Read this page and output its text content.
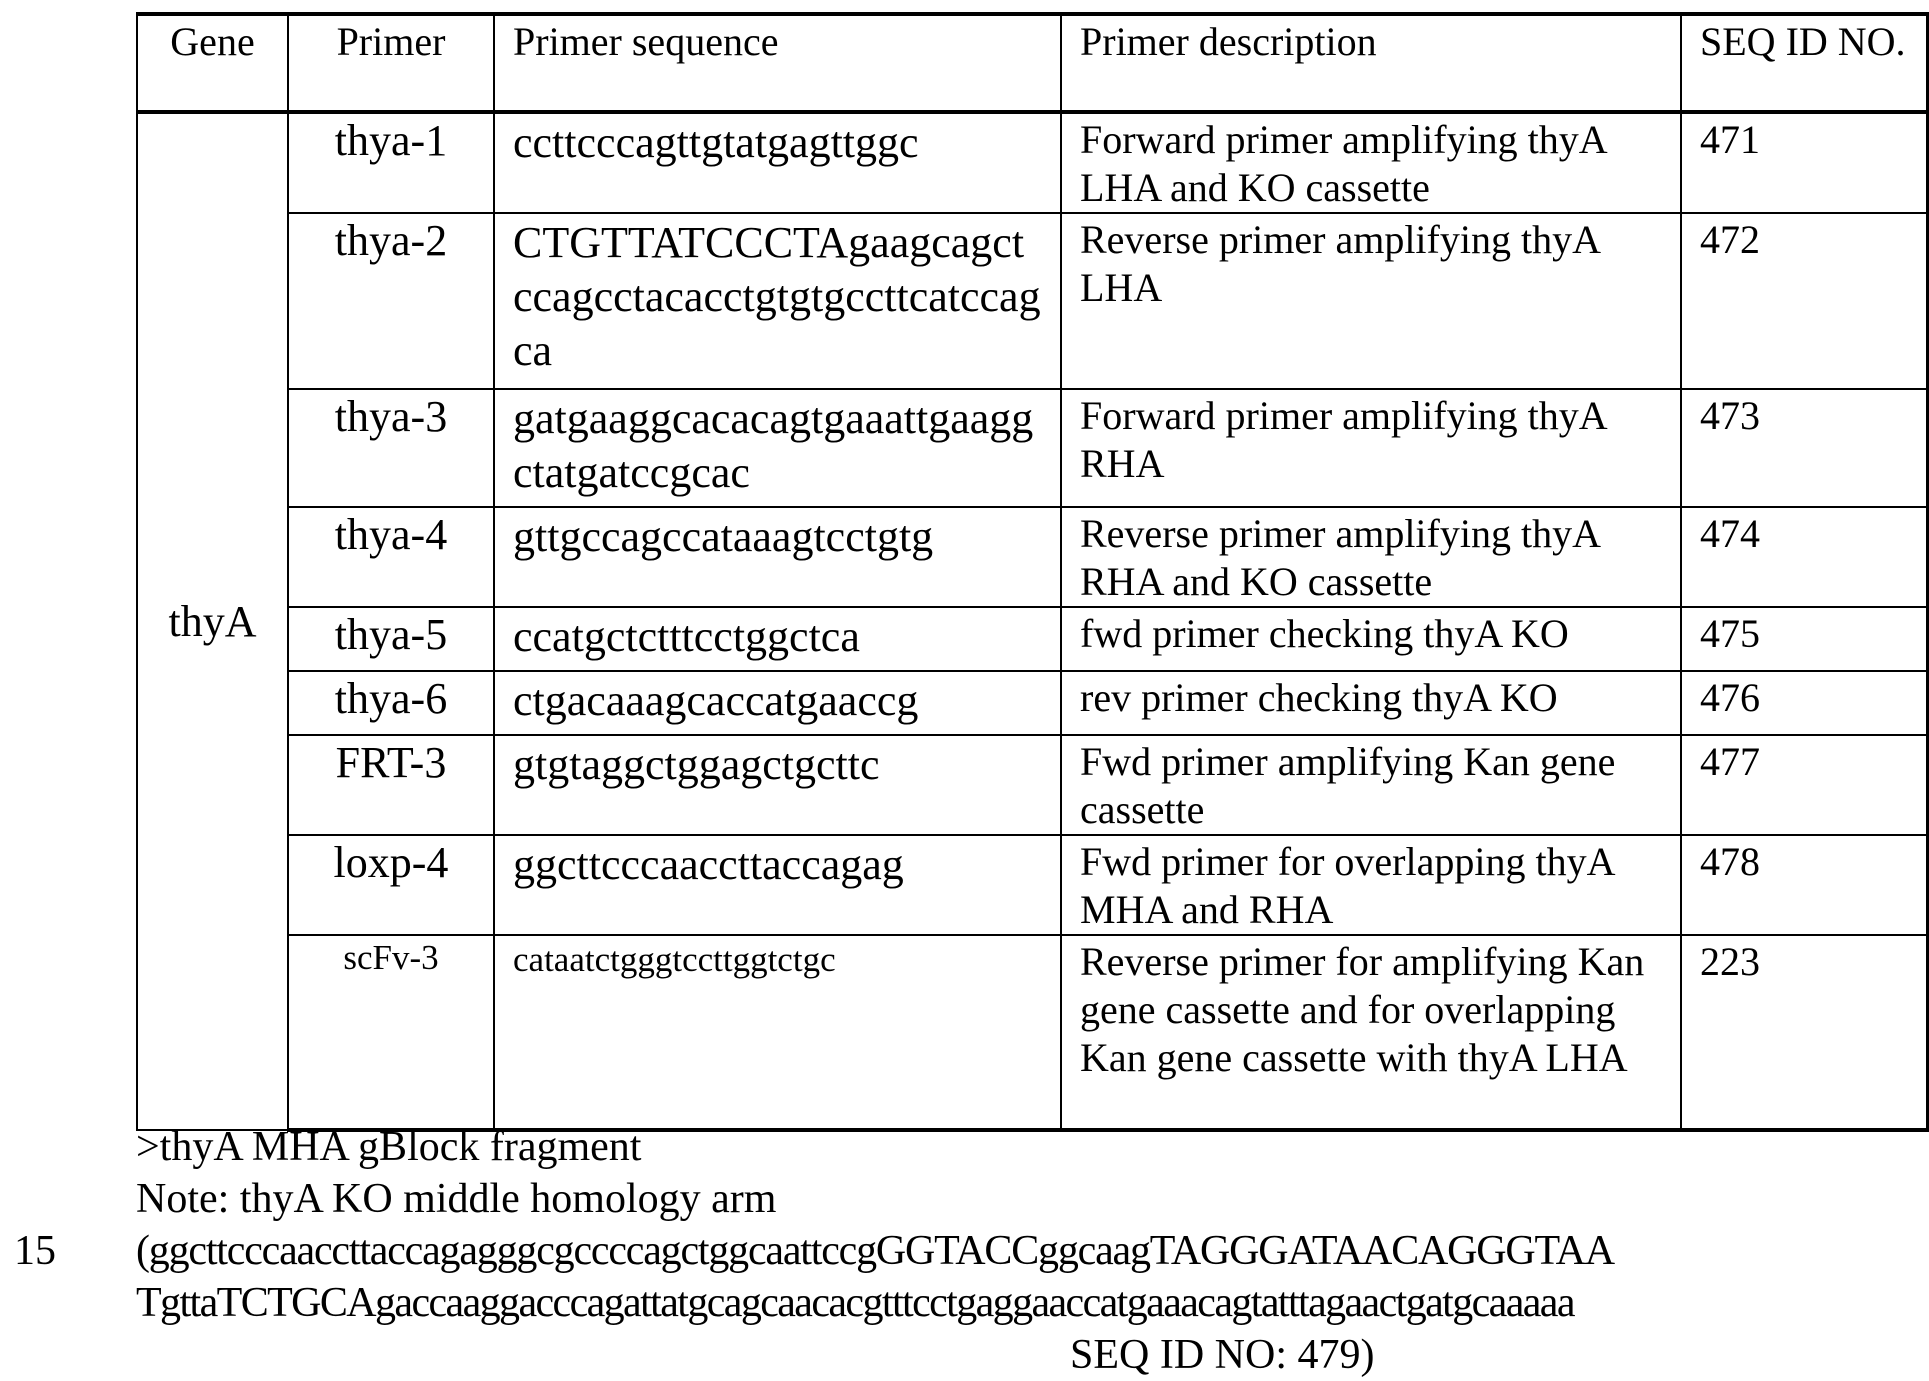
Gene	Primer	Primer sequence	Primer description	SEQ ID NO.
thyA	thya-1	ccttcccagttgtatgagttggc	Forward primer amplifying thyA LHA and KO cassette	471
thya-2	CTGTTATCCCTAgaagcagctccagcctacacctgtgtgccttcatccagca	Reverse primer amplifying thyA LHA	472
thya-3	gatgaaggcacacagtgaaattgaaggctatgatccgcac	Forward primer amplifying thyA RHA	473
thya-4	gttgccagccataaagtcctgtg	Reverse primer amplifying thyA RHA and KO cassette	474
thya-5	ccatgctctttcctggctca	fwd primer checking thyA KO	475
thya-6	ctgacaaagcaccatgaaccg	rev primer checking thyA KO	476
FRT-3	gtgtaggctggagctgcttc	Fwd primer amplifying Kan gene cassette	477
loxp-4	ggcttcccaaccttaccagag	Fwd primer for overlapping thyA MHA and RHA	478
scFv-3	cataatctgggtccttggtctgc	Reverse primer for amplifying Kan gene cassette and for overlapping Kan gene cassette with thyA LHA	223
>thyA MHA gBlock fragment
Note: thyA KO middle homology arm
15 (ggcttcccaaccttaccagagggcgccccagctggcaattccgGGTACCggcaagTAGGGATAACAGGGTAA
TgttaTCTGCAgaccaaggacccagattatgcagcaacacgtttcctgaggaaccatgaaacagtatttagaactgatgcaaaaa
SEQ ID NO: 479)
